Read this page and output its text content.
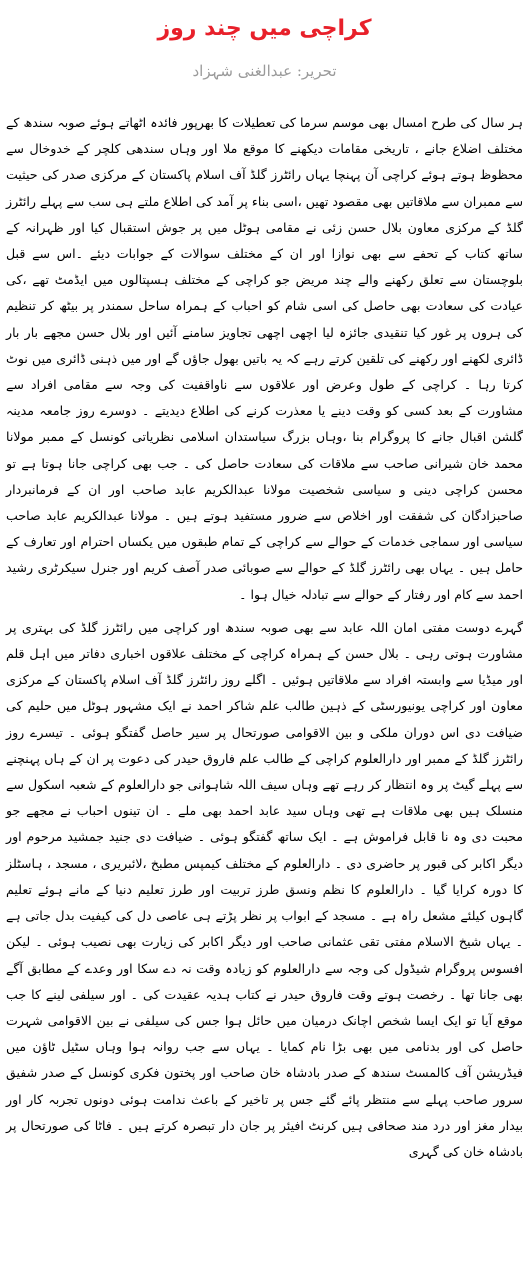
کراچی میں چند روز
تحریر: عبدالغنی شہزاد

ہر سال کی طرح امسال بھی موسم سرما کی تعطیلات کا بھرپور فائدہ اٹھاتے ہوئے صوبہ سندھ کے مختلف اضلاع جانے ، تاریخی مقامات دیکھنے کا موقع ملا اور وہاں سندھی کلچر کے خدوخال سے محظوظ ہوتے ہوئے کراچی آن پہنچا یہاں رائٹرز گلڈ آف اسلام پاکستان کے مرکزی صدر کی حیثیت سے ممبران سے ملاقاتیں بھی مقصود تھیں ،اسی بناء پر آمد کی اطلاع ملتے ہی سب سے پہلے رائٹرز گلڈ کے مرکزی معاون بلال حسن زئی نے مقامی ہوٹل میں پر جوش استقبال کیا اور ظہرانہ کے ساتھ کتاب کے تحفے سے بھی نوازا اور ان کے مختلف سوالات کے جوابات دیئے ۔اس سے قبل بلوچستان سے تعلق رکھنے والے چند مریض جو کراچی کے مختلف ہسپتالوں میں ایڈمٹ تھے ،کی عیادت کی سعادت بھی حاصل کی اسی شام کو احباب کے ہمراہ ساحل سمندر پر بیٹھ کر تنظیم کی ہروں پر غور کیا تنقیدی جائزہ لیا اچھی اچھی تجاویز سامنے آئیں اور بلال حسن مجھے بار بار ڈائری لکھنے اور رکھنے کی تلقین کرتے رہے کہ یہ باتیں بھول جاؤں گے اور میں ذہنی ڈائری میں نوٹ کرتا رہا ۔ کراچی کے طول وعرض اور علاقوں سے ناواقفیت کی وجہ سے مقامی افراد سے مشاورت کے بعد کسی کو وقت دینے یا معذرت کرنے کی اطلاع دیدیتے ۔ دوسرے روز جامعہ مدینہ گلشن اقبال جانے کا پروگرام بنا ،وہاں بزرگ سیاستدان اسلامی نظریاتی کونسل کے ممبر مولانا محمد خان شیرانی صاحب سے ملاقات کی سعادت حاصل کی ۔ جب بھی کراچی جانا ہوتا ہے تو محسن کراچی دینی و سیاسی شخصیت مولانا عبدالکریم عابد صاحب اور ان کے فرمانبردار صاحبزادگان کی شفقت اور اخلاص سے ضرور مستفید ہوتے ہیں ۔ مولانا عبدالکریم عابد صاحب سیاسی اور سماجی خدمات کے حوالے سے کراچی کے تمام طبقوں میں یکساں احترام اور تعارف کے حامل ہیں ۔ یہاں بھی رائٹرز گلڈ کے حوالے سے صوبائی صدر آصف کریم اور جنرل سیکرٹری رشید احمد سے کام اور رفتار کے حوالے سے تبادلہ خیال ہوا ۔

گہرے دوست مفتی امان اللہ عابد سے بھی صوبہ سندھ اور کراچی میں رائٹرز گلڈ کی بہتری پر مشاورت ہوتی رہی ۔ بلال حسن کے ہمراہ کراچی کے مختلف علاقوں اخباری دفاتر میں اہل قلم اور میڈیا سے وابستہ افراد سے ملاقاتیں ہوئیں ۔ اگلے روز رائٹرز گلڈ آف اسلام پاکستان کے مرکزی معاون اور کراچی یونیورسٹی کے ذہین طالب علم شاکر احمد نے ایک مشہور ہوٹل میں حلیم کی ضیافت دی اس دوران ملکی و بین الاقوامی صورتحال پر سیر حاصل گفتگو ہوئی ۔ تیسرے روز رائٹرز گلڈ کے ممبر اور دارالعلوم کراچی کے طالب علم فاروق حیدر کی دعوت پر ان کے ہاں پہنچنے سے پہلے گیٹ پر وہ انتظار کر رہے تھے وہاں سیف اللہ شاہوانی جو دارالعلوم کے شعبہ اسکول سے منسلک ہیں بھی ملاقات ہے تھی وہاں سید عابد احمد بھی ملے ۔ ان تینوں احباب نے مجھے جو محبت دی وہ نا قابل فراموش ہے ۔ ایک ساتھ گفتگو ہوئی ۔ ضیافت دی جنید جمشید مرحوم اور دیگر اکابر کی قبور پر حاضری دی ۔ دارالعلوم کے مختلف کیمپس مطبخ ،لائبریری ، مسجد ، ہاسٹلز کا دورہ کرایا گیا ۔ دارالعلوم کا نظم ونسق طرز تربیت اور طرز تعلیم دنیا کے مانے ہوئے تعلیم گاہوں کیلئے مشعل راہ ہے ۔ مسجد کے ابواب پر نظر پڑتے ہی عاصی دل کی کیفیت بدل جاتی ہے ۔ یہاں شیخ الاسلام مفتی تقی عثمانی صاحب اور دیگر اکابر کی زیارت بھی نصیب ہوئی ۔ لیکن افسوس پروگرام شیڈول کی وجہ سے دارالعلوم کو زیادہ وقت نہ دے سکا اور وعدے کے مطابق آگے بھی جانا تھا ۔ رخصت ہوتے وقت فاروق حیدر نے کتاب ہدیہ عقیدت کی ۔ اور سیلفی لینے کا جب موقع آیا تو ایک ایسا شخص اچانک درمیان میں حائل ہوا جس کی سیلفی نے بین الاقوامی شہرت حاصل کی اور بدنامی میں بھی بڑا نام کمایا ۔ یہاں سے جب روانہ ہوا وہاں سٹیل ٹاؤن میں فیڈریشن آف کالمسٹ سندھ کے صدر بادشاہ خان صاحب اور پختون فکری کونسل کے صدر شفیق سرور صاحب پہلے سے منتظر پائے گئے جس پر تاخیر کے باعث ندامت ہوئی دونوں تجربہ کار اور بیدار مغز اور درد مند صحافی ہیں کرنٹ افیئر پر جان دار تبصرہ کرتے ہیں ۔ فاٹا کی صورتحال پر بادشاہ خان کی گہری
